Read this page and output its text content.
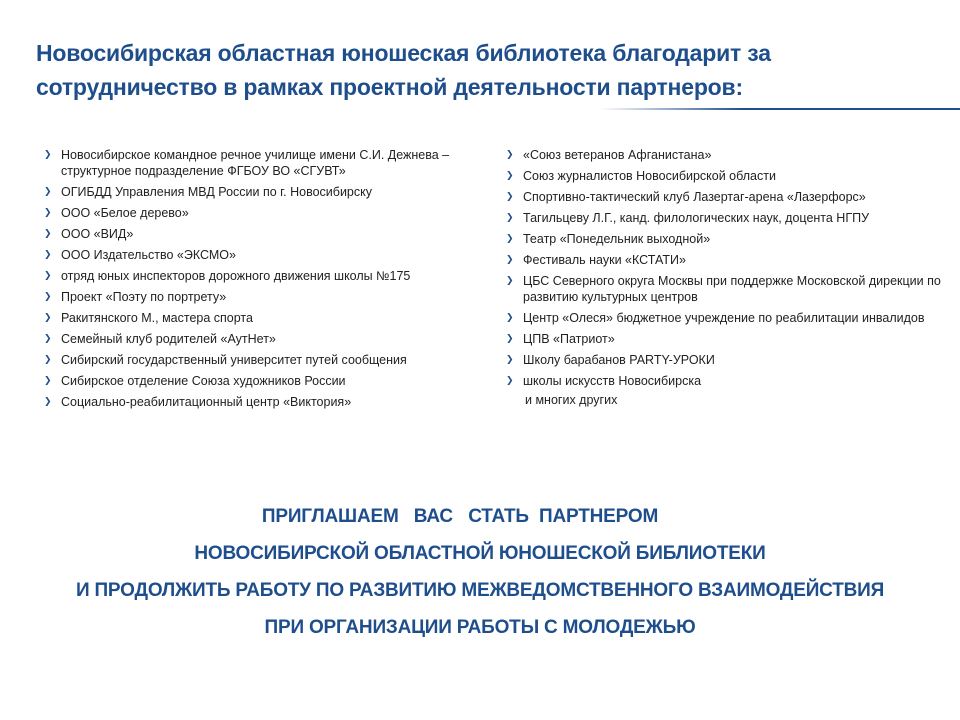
Новосибирская областная юношеская библиотека благодарит за сотрудничество в рамках проектной деятельности партнеров:
❯ Новосибирское командное речное училище имени С.И. Дежнева – структурное подразделение ФГБОУ ВО «СГУВТ»
❯ ОГИБДД Управления МВД России по г. Новосибирску
❯ ООО «Белое дерево»
❯ ООО «ВИД»
❯ ООО Издательство «ЭКСМО»
❯ отряд юных инспекторов дорожного движения школы №175
❯ Проект «Поэту по портрету»
❯ Ракитянского М., мастера спорта
❯ Семейный клуб родителей «АутНет»
❯ Сибирский государственный университет путей сообщения
❯ Сибирское отделение Союза художников России
❯ Социально-реабилитационный центр «Виктория»
❯ «Союз ветеранов Афганистана»
❯ Союз журналистов Новосибирской области
❯ Спортивно-тактический клуб Лазертаг-арена «Лазерфорс»
❯ Тагильцеву Л.Г., канд. филологических наук, доцента НГПУ
❯ Театр «Понедельник выходной»
❯ Фестиваль науки «КСТАТИ»
❯ ЦБС Северного округа Москвы при поддержке Московской дирекции по развитию культурных центров
❯ Центр «Олеся» бюджетное учреждение по реабилитации инвалидов
❯ ЦПВ «Патриот»
❯ Школу барабанов PARTY-УРОКИ
❯ школы искусств Новосибирска
и многих других
ПРИГЛАШАЕМ   ВАС   СТАТЬ  ПАРТНЕРОМ
НОВОСИБИРСКОЙ ОБЛАСТНОЙ ЮНОШЕСКОЙ БИБЛИОТЕКИ
И ПРОДОЛЖИТЬ РАБОТУ ПО РАЗВИТИЮ МЕЖВЕДОМСТВЕННОГО ВЗАИМОДЕЙСТВИЯ
ПРИ ОРГАНИЗАЦИИ РАБОТЫ С МОЛОДЕЖЬЮ
